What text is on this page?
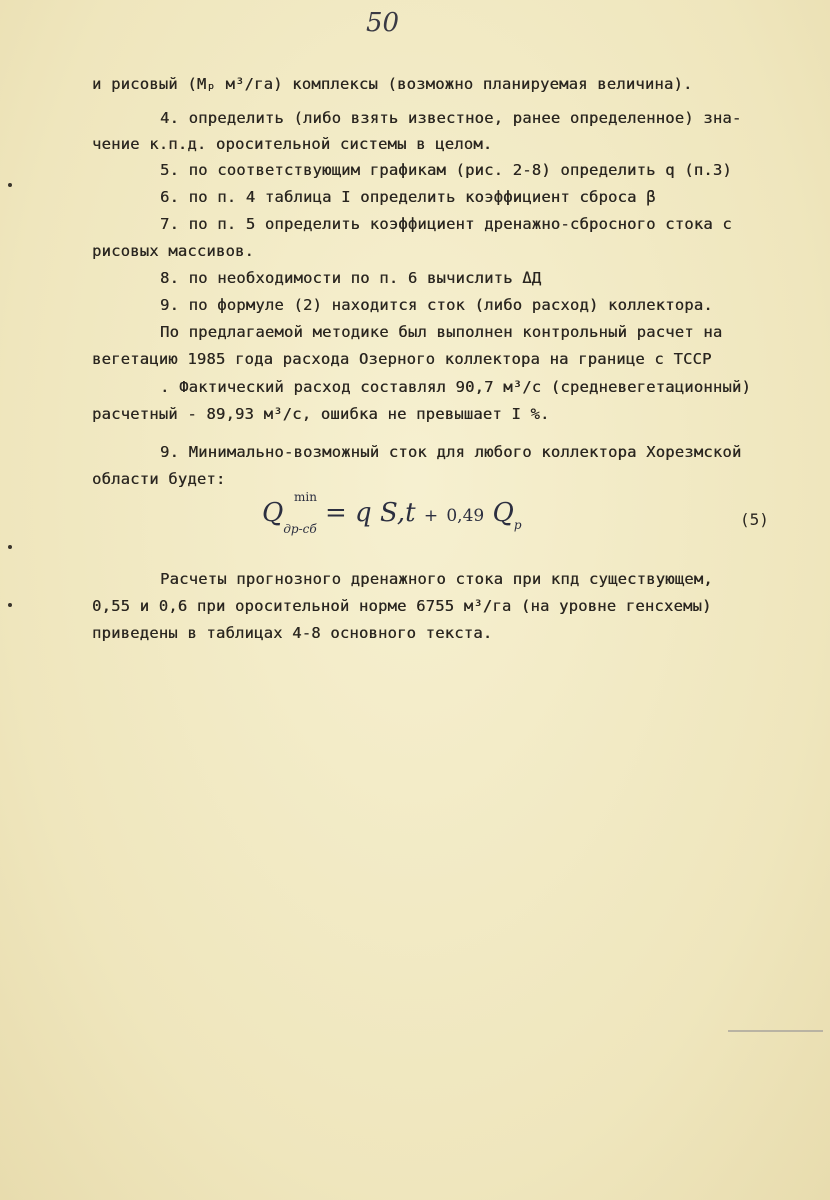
50
и рисовый (Mₚ м³/га) комплексы (возможно планируемая величина).
4. определить (либо взять известное, ранее определенное) зна-
чение к.п.д. оросительной системы в целом.
5. по соответствующим графикам (рис. 2-8) определить q (п.3)
6. по п. 4 таблица I определить коэффициент сброса β
7. по п. 5 определить коэффициент дренажно-сбросного стока с
рисовых массивов.
8. по необходимости по п. 6 вычислить ΔД
9. по формуле (2) находится сток (либо расход) коллектора.
По предлагаемой методике был выполнен контрольный расчет на
вегетацию 1985 года расхода Озерного коллектора на границе с ТССР
. Фактический расход составлял 90,7 м³/с (средневегетационный)
расчетный - 89,93 м³/с, ошибка не превышает I %.
9. Минимально-возможный сток для любого коллектора Хорезмской
области будет:
Q
min
$_{др-сб}$ = q S,t + 0,49 $Q_р$	(5)
Расчеты прогнозного дренажного стока при кпд существующем,
0,55 и 0,6 при оросительной норме 6755 м³/га (на уровне генсхемы)
приведены в таблицах 4-8 основного текста.
